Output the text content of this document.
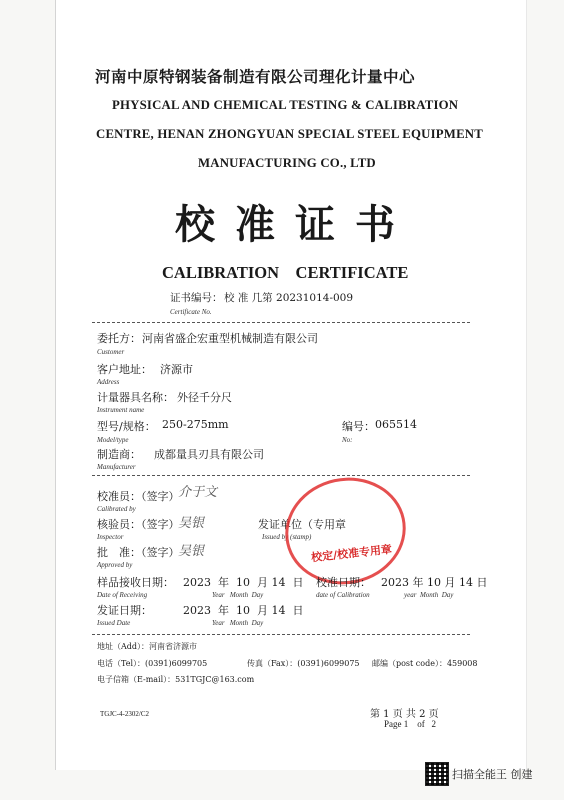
河南中原特钢装备制造有限公司理化计量中心
PHYSICAL AND CHEMICAL TESTING & CALIBRATION
CENTRE, HENAN ZHONGYUAN SPECIAL STEEL EQUIPMENT
MANUFACTURING CO., LTD
校准证书
CALIBRATION    CERTIFICATE
证书编号： 校 准 几第 20231014-009
Certificate No.
委托方： 河南省盛企宏重型机械制造有限公司
Customer
客户地址： 济源市
Address
计量器具名称： 外径千分尺
Instrument name
型号/规格： 250-275mm
Model/type
编号： 065514
No:
制造商： 成都量具刃具有限公司
Manufacturer
校准员：（签字）
介于文
Calibrated by
核验员：（签字）
吴银
Inspector
发证单位（专用章
Issued by (stamp)
批　准：（签字）
吴银
Approved by
校定/校准专用章
样品接收日期： 2023  年  10  月 14  日
Date of Receiving	Year   Month  Day
校准日期： 2023 年 10 月 14 日
date of Calibration	year  Month  Day
发证日期：	2023  年  10  月 14  日
Issued Date	Year   Month  Day
地址（Add）：河南省济源市
电话（Tel）：(0391)6099705	传真（Fax）：(0391)6099075 邮编（post code）：459008
电子信箱（E-mail）：531TGJC@163.com
TGJC-4-2302/C2	第 1 页 共 2 页
Page 1    of   2
扫描全能王 创建
